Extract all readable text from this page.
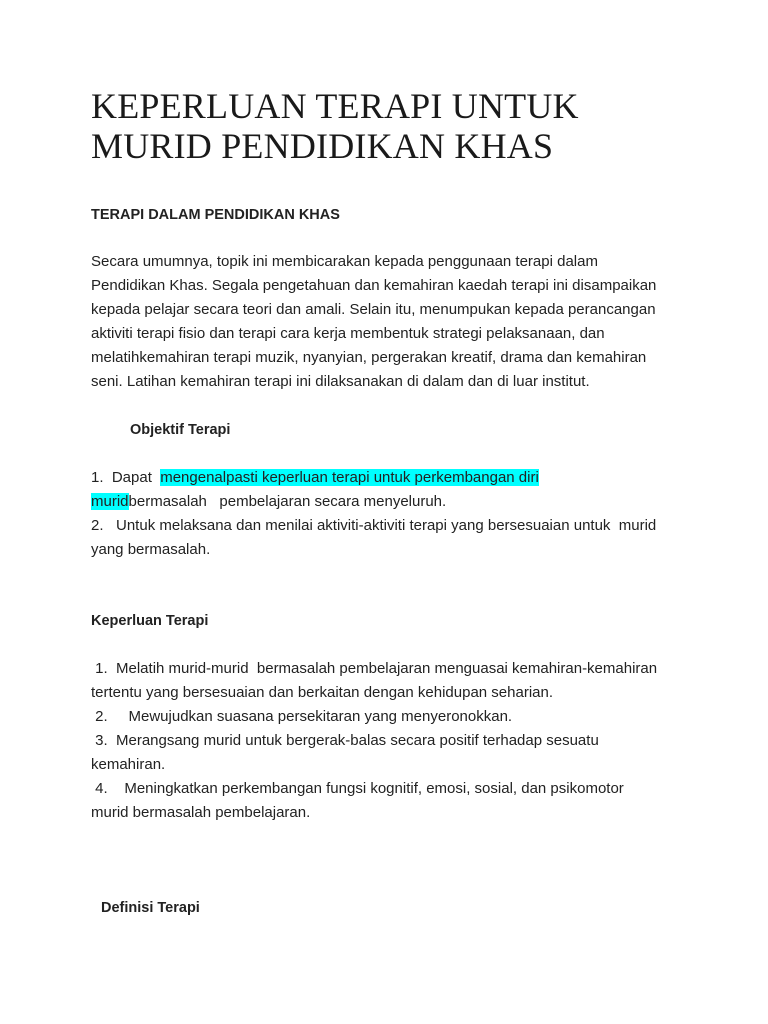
KEPERLUAN TERAPI UNTUK
MURID PENDIDIKAN KHAS
TERAPI DALAM PENDIDIKAN KHAS
Secara umumnya, topik ini membicarakan kepada penggunaan terapi dalam
Pendidikan Khas. Segala pengetahuan dan kemahiran kaedah terapi ini disampaikan
kepada pelajar secara teori dan amali. Selain itu, menumpukan kepada perancangan
aktiviti terapi fisio dan terapi cara kerja membentuk strategi pelaksanaan, dan
melatihkemahiran terapi muzik, nyanyian, pergerakan kreatif, drama dan kemahiran
seni. Latihan kemahiran terapi ini dilaksanakan di dalam dan di luar institut.
Objektif Terapi
1.  Dapat  mengenalpasti keperluan terapi untuk perkembangan diri
muridbermasalah   pembelajaran secara menyeluruh.
2.   Untuk melaksana dan menilai aktiviti-aktiviti terapi yang bersesuaian untuk  murid
yang bermasalah.
Keperluan Terapi
1.  Melatih murid-murid  bermasalah pembelajaran menguasai kemahiran-kemahiran
tertentu yang bersesuaian dan berkaitan dengan kehidupan seharian.
2.     Mewujudkan suasana persekitaran yang menyeronokkan.
3.  Merangsang murid untuk bergerak-balas secara positif terhadap sesuatu
kemahiran.
4.    Meningkatkan perkembangan fungsi kognitif, emosi, sosial, dan psikomotor
murid bermasalah pembelajaran.
Definisi Terapi
